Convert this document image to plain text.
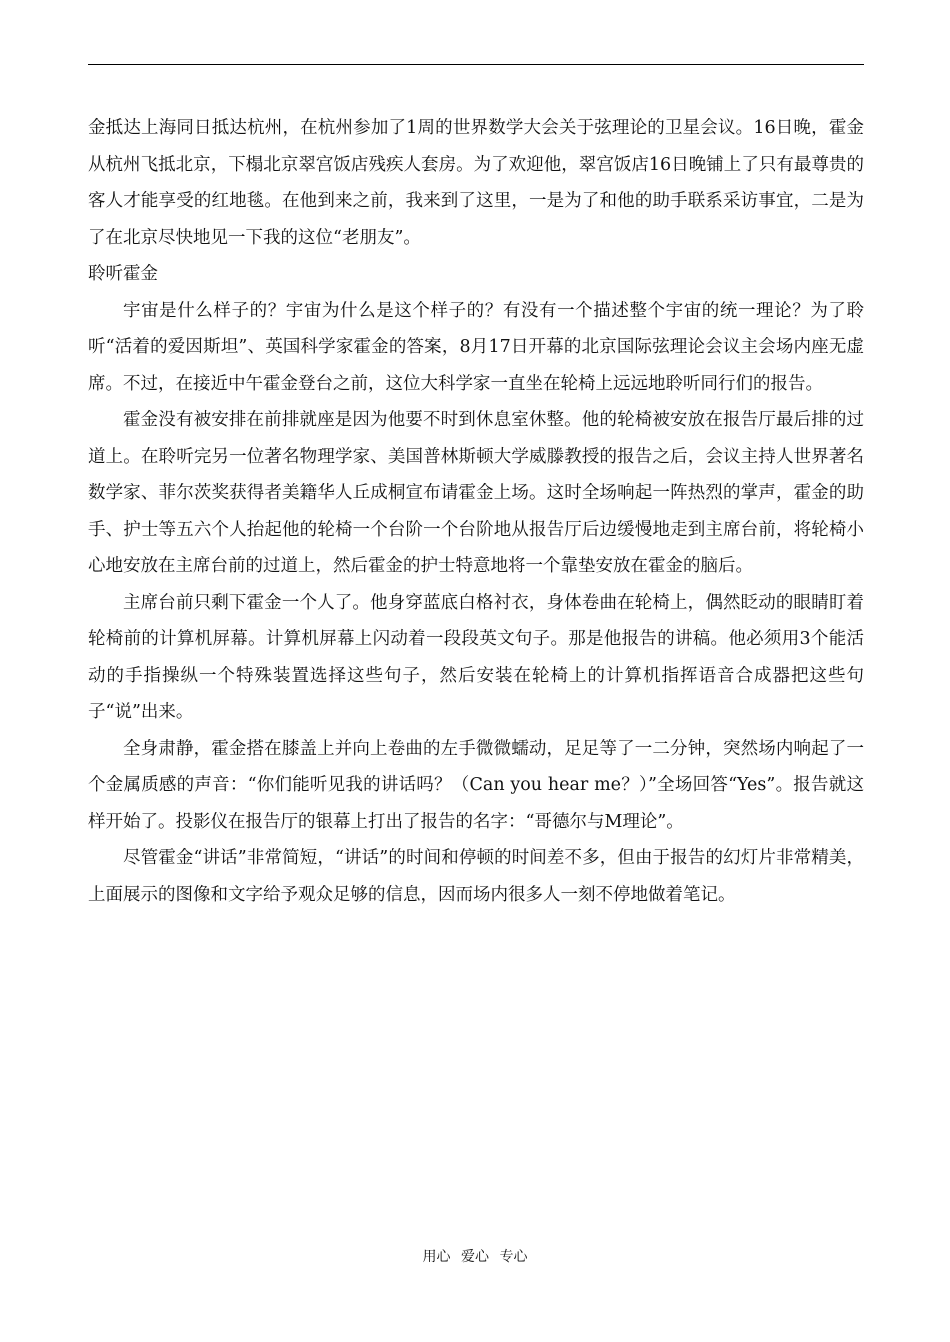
金抵达上海同日抵达杭州，在杭州参加了1周的世界数学大会关于弦理论的卫星会议。16日晚，霍金从杭州飞抵北京，下榻北京翠宫饭店残疾人套房。为了欢迎他，翠宫饭店16日晚铺上了只有最尊贵的客人才能享受的红地毯。在他到来之前，我来到了这里，一是为了和他的助手联系采访事宜，二是为了在北京尽快地见一下我的这位“老朋友”。

聆听霍金

宇宙是什么样子的？宇宙为什么是这个样子的？有没有一个描述整个宇宙的统一理论？为了聆听“活着的爱因斯坦”、英国科学家霍金的答案，8月17日开幕的北京国际弦理论会议主会场内座无虚席。不过，在接近中午霍金登台之前，这位大科学家一直坐在轮椅上远远地聆听同行们的报告。

霍金没有被安排在前排就座是因为他要不时到休息室休整。他的轮椅被安放在报告厅最后排的过道上。在聆听完另一位著名物理学家、美国普林斯顿大学威滕教授的报告之后，会议主持人世界著名数学家、菲尔茨奖获得者美籍华人丘成桐宣布请霍金上场。这时全场响起一阵热烈的掌声，霍金的助手、护士等五六个人抬起他的轮椅一个台阶一个台阶地从报告厅后边缓慢地走到主席台前，将轮椅小心地安放在主席台前的过道上，然后霍金的护士特意地将一个靠垫安放在霍金的脑后。

主席台前只剩下霍金一个人了。他身穿蓝底白格衬衣，身体卷曲在轮椅上，偶然眨动的眼睛盯着轮椅前的计算机屏幕。计算机屏幕上闪动着一段段英文句子。那是他报告的讲稿。他必须用3个能活动的手指操纵一个特殊装置选择这些句子，然后安装在轮椅上的计算机指挥语音合成器把这些句子“说”出来。

全身肃静，霍金搭在膝盖上并向上卷曲的左手微微蠕动，足足等了一二分钟，突然场内响起了一个金属质感的声音：“你们能听见我的讲话吗？（Can you hear me？）”全场回答“Yes”。报告就这样开始了。投影仪在报告厅的银幕上打出了报告的名字：“哥德尔与M理论”。

尽管霍金“讲话”非常简短，“讲话”的时间和停顿的时间差不多，但由于报告的幻灯片非常精美，上面展示的图像和文字给予观众足够的信息，因而场内很多人一刻不停地做着笔记。

用心 爱心 专心
